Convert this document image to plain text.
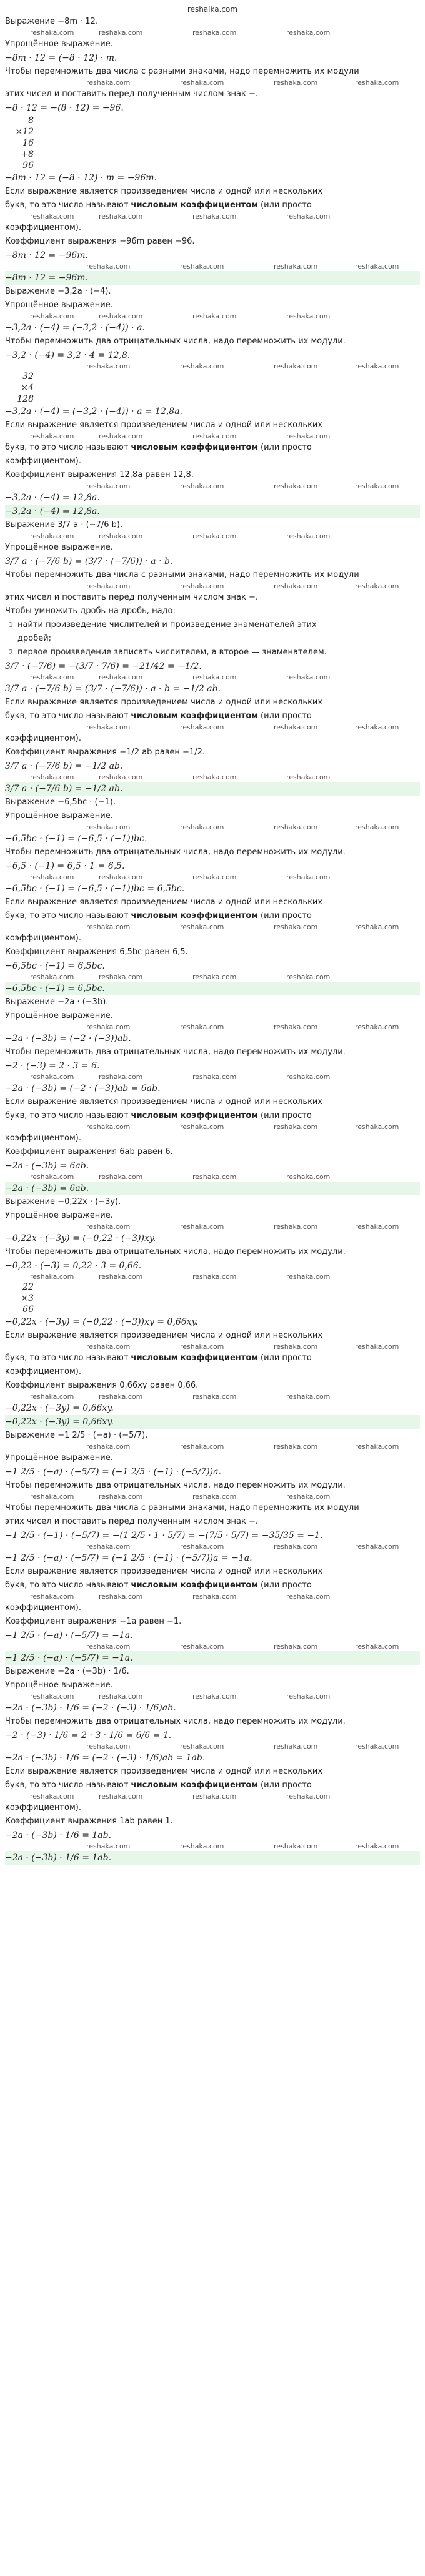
reshalka.com
Выражение −8m · 12.
reshaka.com	reshaka.com	reshaka.com	reshaka.com
Упрощённое выражение.
−8m · 12 = (−8 · 12) · m.
Чтобы перемножить два числа с разными знаками, надо перемножить их модули
reshaka.com	reshaka.com	reshaka.com	reshaka.com
этих чисел и поставить перед полученным числом знак −.
−8 · 12 = −(8 · 12) = −96.
8
×12
16
+8
96
−8m · 12 = (−8 · 12) · m = −96m.
Если выражение является произведением числа и одной или нескольких
букв, то это число называют числовым коэффициентом (или просто
reshaka.com	reshaka.com	reshaka.com	reshaka.com
коэффициентом).
Коэффициент выражения −96m равен −96.
−8m · 12 = −96m.
reshaka.com	reshaka.com	reshaka.com	reshaka.com
−8m · 12 = −96m.
Выражение −3,2a · (−4).
Упрощённое выражение.
reshaka.com	reshaka.com	reshaka.com	reshaka.com
−3,2a · (−4) = (−3,2 · (−4)) · a.
Чтобы перемножить два отрицательных числа, надо перемножить их модули.
−3,2 · (−4) = 3,2 · 4 = 12,8.
reshaka.com	reshaka.com	reshaka.com	reshaka.com
32
×4
128
−3,2a · (−4) = (−3,2 · (−4)) · a = 12,8a.
Если выражение является произведением числа и одной или нескольких
reshaka.com	reshaka.com	reshaka.com	reshaka.com
букв, то это число называют числовым коэффициентом (или просто
коэффициентом).
Коэффициент выражения 12,8a равен 12,8.
reshaka.com	reshaka.com	reshaka.com	reshaka.com
−3,2a · (−4) = 12,8a.
−3,2a · (−4) = 12,8a.
Выражение 3/7 a · (−7/6 b).
reshaka.com	reshaka.com	reshaka.com	reshaka.com
Упрощённое выражение.
3/7 a · (−7/6 b) = (3/7 · (−7/6)) · a · b.
Чтобы перемножить два числа с разными знаками, надо перемножить их модули
reshaka.com	reshaka.com	reshaka.com	reshaka.com
этих чисел и поставить перед полученным числом знак −.
Чтобы умножить дробь на дробь, надо:
1 найти произведение числителей и произведение знаменателей этих
дробей;
2 первое произведение записать числителем, а второе — знаменателем.
3/7 · (−7/6) = −(3/7 · 7/6) = −21/42 = −1/2.
reshaka.com	reshaka.com	reshaka.com	reshaka.com
3/7 a · (−7/6 b) = (3/7 · (−7/6)) · a · b = −1/2 ab.
Если выражение является произведением числа и одной или нескольких
букв, то это число называют числовым коэффициентом (или просто
reshaka.com	reshaka.com	reshaka.com	reshaka.com
коэффициентом).
Коэффициент выражения −1/2 ab равен −1/2.
3/7 a · (−7/6 b) = −1/2 ab.
reshaka.com	reshaka.com	reshaka.com	reshaka.com
3/7 a · (−7/6 b) = −1/2 ab.
Выражение −6,5bc · (−1).
Упрощённое выражение.
reshaka.com	reshaka.com	reshaka.com	reshaka.com
−6,5bc · (−1) = (−6,5 · (−1))bc.
Чтобы перемножить два отрицательных числа, надо перемножить их модули.
−6,5 · (−1) = 6,5 · 1 = 6,5.
reshaka.com	reshaka.com	reshaka.com	reshaka.com
−6,5bc · (−1) = (−6,5 · (−1))bc = 6,5bc.
Если выражение является произведением числа и одной или нескольких
букв, то это число называют числовым коэффициентом (или просто
reshaka.com	reshaka.com	reshaka.com	reshaka.com
коэффициентом).
Коэффициент выражения 6,5bc равен 6,5.
−6,5bc · (−1) = 6,5bc.
reshaka.com	reshaka.com	reshaka.com	reshaka.com
−6,5bc · (−1) = 6,5bc.
Выражение −2a · (−3b).
Упрощённое выражение.
reshaka.com	reshaka.com	reshaka.com	reshaka.com
−2a · (−3b) = (−2 · (−3))ab.
Чтобы перемножить два отрицательных числа, надо перемножить их модули.
−2 · (−3) = 2 · 3 = 6.
reshaka.com	reshaka.com	reshaka.com	reshaka.com
−2a · (−3b) = (−2 · (−3))ab = 6ab.
Если выражение является произведением числа и одной или нескольких
букв, то это число называют числовым коэффициентом (или просто
reshaka.com	reshaka.com	reshaka.com	reshaka.com
коэффициентом).
Коэффициент выражения 6ab равен 6.
−2a · (−3b) = 6ab.
reshaka.com	reshaka.com	reshaka.com	reshaka.com
−2a · (−3b) = 6ab.
Выражение −0,22x · (−3y).
Упрощённое выражение.
reshaka.com	reshaka.com	reshaka.com	reshaka.com
−0,22x · (−3y) = (−0,22 · (−3))xy.
Чтобы перемножить два отрицательных числа, надо перемножить их модули.
−0,22 · (−3) = 0,22 · 3 = 0,66.
reshaka.com	reshaka.com	reshaka.com	reshaka.com
22
×3
66
−0,22x · (−3y) = (−0,22 · (−3))xy = 0,66xy.
Если выражение является произведением числа и одной или нескольких
reshaka.com	reshaka.com	reshaka.com	reshaka.com
букв, то это число называют числовым коэффициентом (или просто
коэффициентом).
Коэффициент выражения 0,66xy равен 0,66.
reshaka.com	reshaka.com	reshaka.com	reshaka.com
−0,22x · (−3y) = 0,66xy.
−0,22x · (−3y) = 0,66xy.
Выражение −1 2/5 · (−a) · (−5/7).
reshaka.com	reshaka.com	reshaka.com	reshaka.com
Упрощённое выражение.
−1 2/5 · (−a) · (−5/7) = (−1 2/5 · (−1) · (−5/7))a.
Чтобы перемножить два отрицательных числа, надо перемножить их модули.
reshaka.com	reshaka.com	reshaka.com	reshaka.com
Чтобы перемножить два числа с разными знаками, надо перемножить их модули
этих чисел и поставить перед полученным числом знак −.
−1 2/5 · (−1) · (−5/7) = −(1 2/5 · 1 · 5/7) = −(7/5 · 5/7) = −35/35 = −1.
reshaka.com	reshaka.com	reshaka.com	reshaka.com
−1 2/5 · (−a) · (−5/7) = (−1 2/5 · (−1) · (−5/7))a = −1a.
Если выражение является произведением числа и одной или нескольких
букв, то это число называют числовым коэффициентом (или просто
reshaka.com	reshaka.com	reshaka.com	reshaka.com
коэффициентом).
Коэффициент выражения −1a равен −1.
−1 2/5 · (−a) · (−5/7) = −1a.
reshaka.com	reshaka.com	reshaka.com	reshaka.com
−1 2/5 · (−a) · (−5/7) = −1a.
Выражение −2a · (−3b) · 1/6.
Упрощённое выражение.
reshaka.com	reshaka.com	reshaka.com	reshaka.com
−2a · (−3b) · 1/6 = (−2 · (−3) · 1/6)ab.
Чтобы перемножить два отрицательных числа, надо перемножить их модули.
−2 · (−3) · 1/6 = 2 · 3 · 1/6 = 6/6 = 1.
reshaka.com	reshaka.com	reshaka.com	reshaka.com
−2a · (−3b) · 1/6 = (−2 · (−3) · 1/6)ab = 1ab.
Если выражение является произведением числа и одной или нескольких
букв, то это число называют числовым коэффициентом (или просто
reshaka.com	reshaka.com	reshaka.com	reshaka.com
коэффициентом).
Коэффициент выражения 1ab равен 1.
−2a · (−3b) · 1/6 = 1ab.
reshaka.com	reshaka.com	reshaka.com	reshaka.com
−2a · (−3b) · 1/6 = 1ab.
